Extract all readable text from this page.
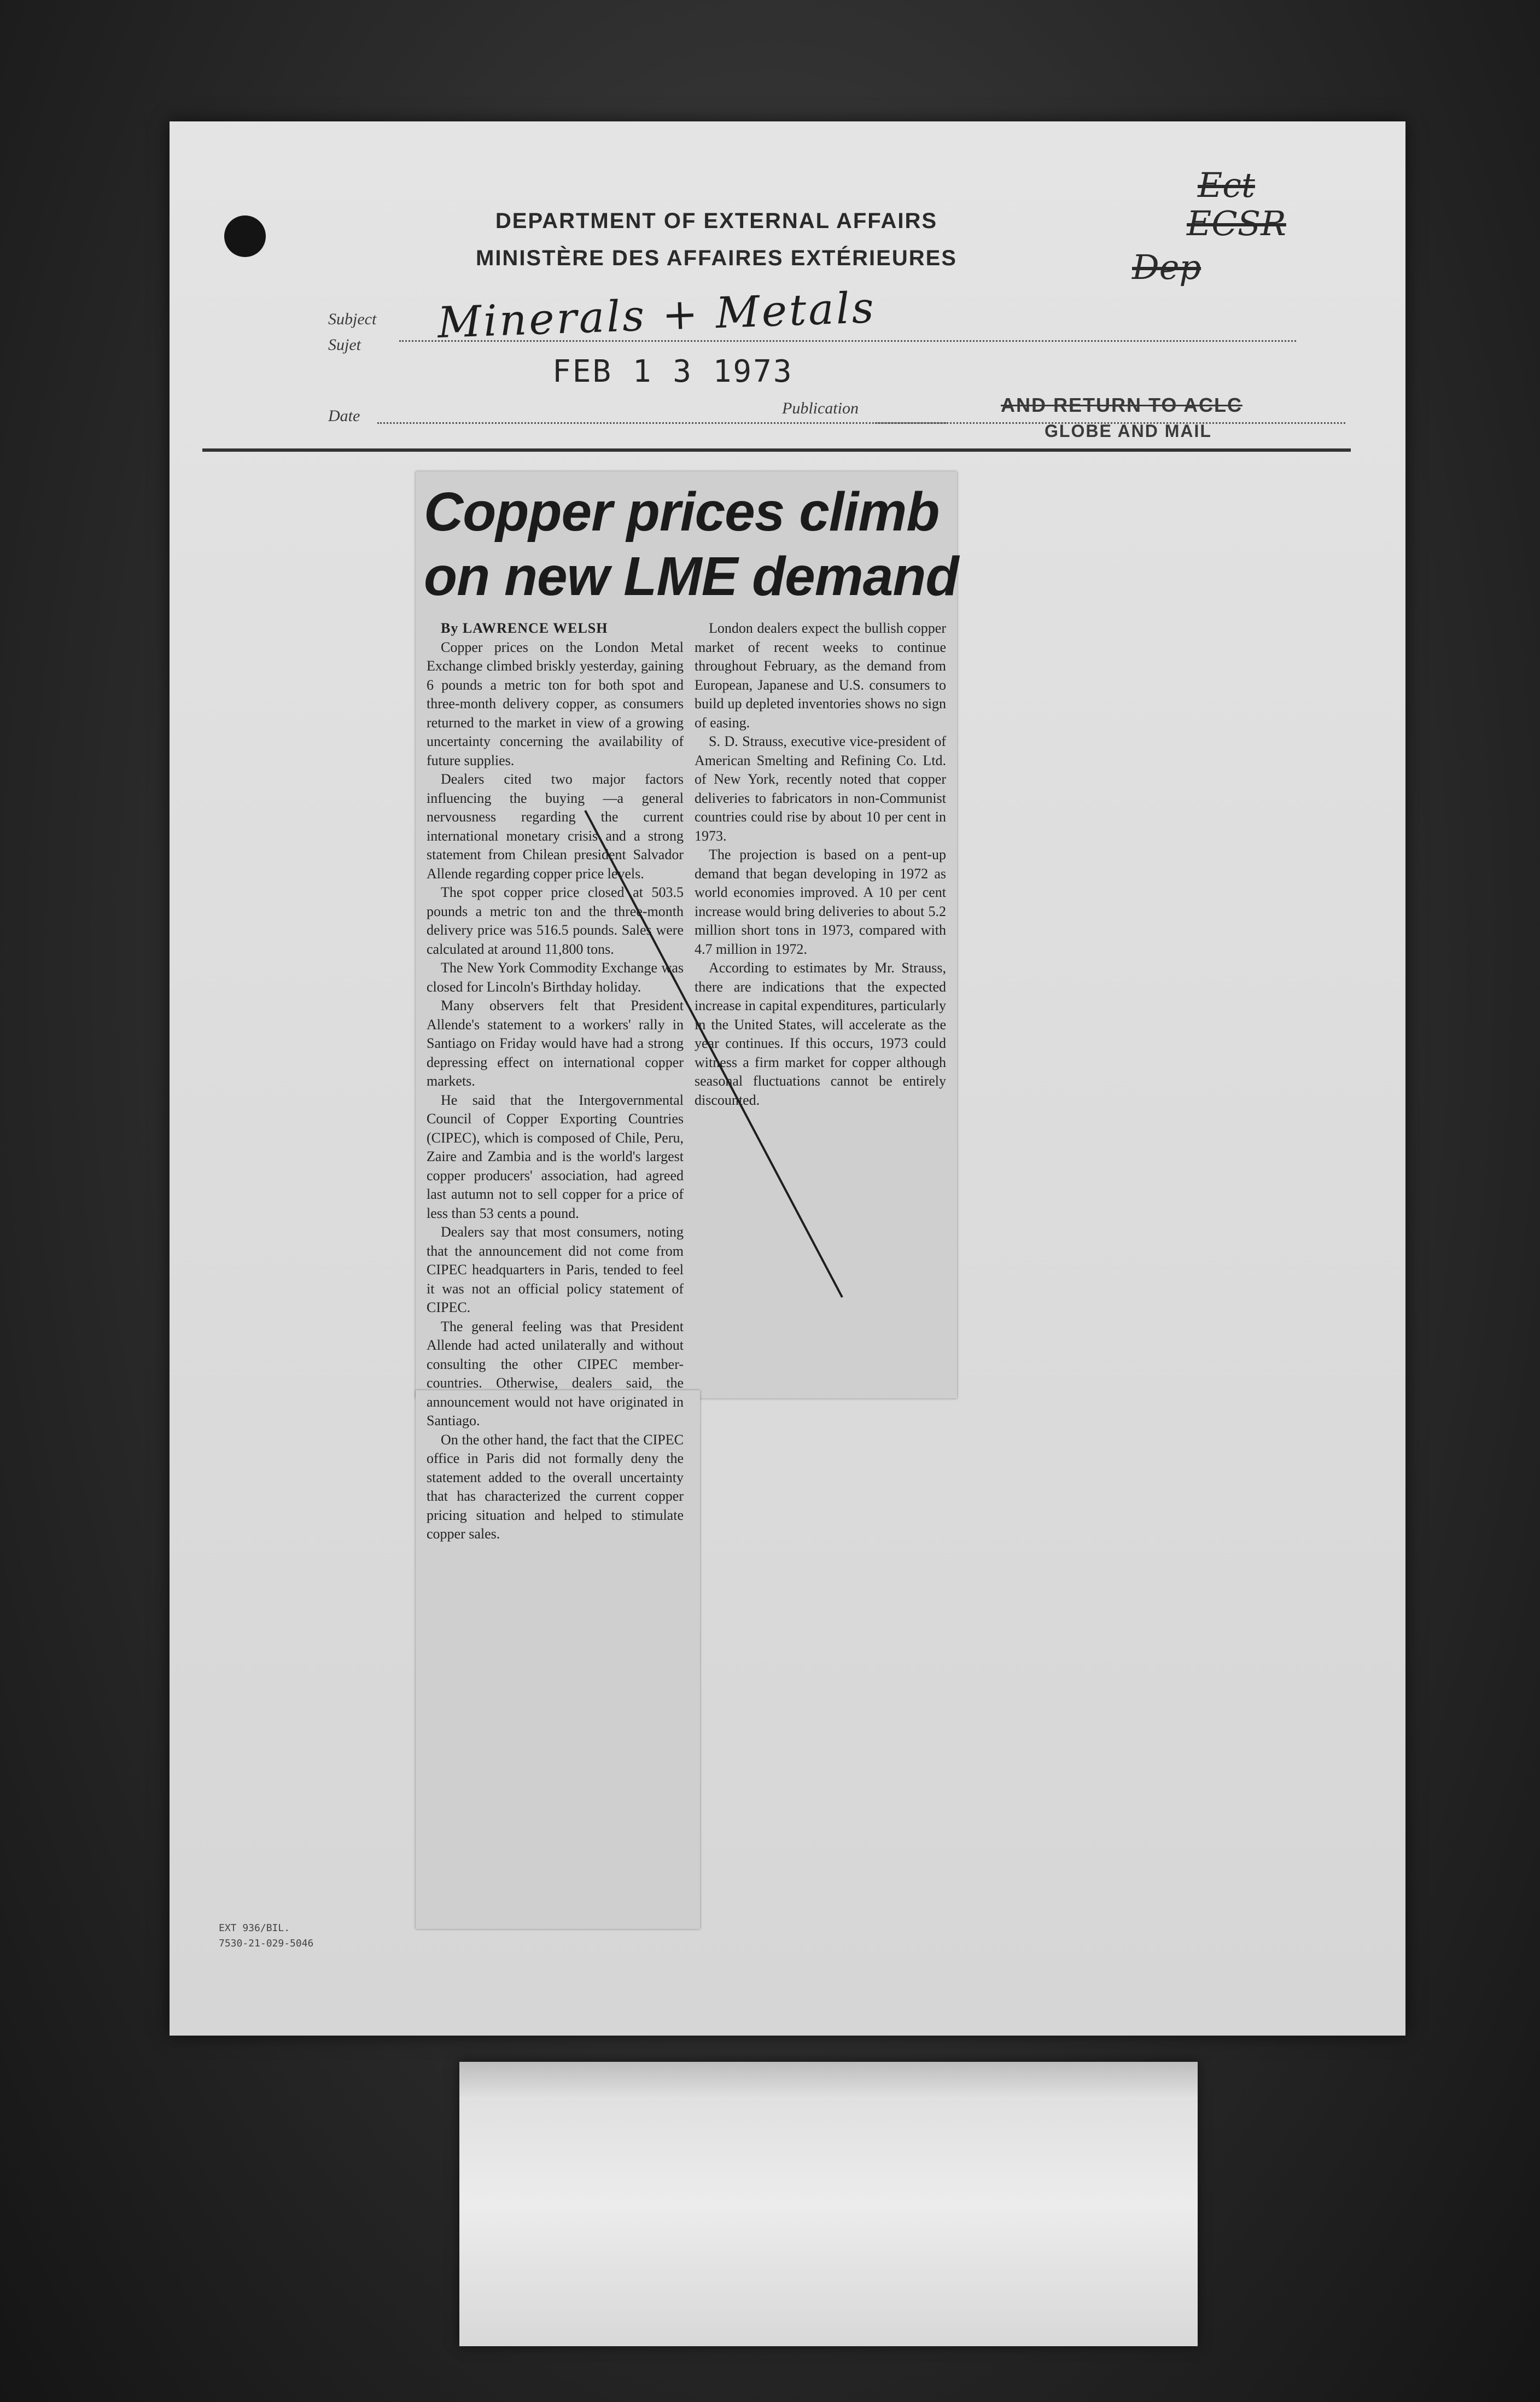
DEPARTMENT OF EXTERNAL AFFAIRS
MINISTÈRE DES AFFAIRES EXTÉRIEURES
Ect
ECSR
Dep
Subject
Sujet Minerals + Metals
FEB 1 3 1973
Date	Publication	AND RETURN TO ACLC
GLOBE AND MAIL
Copper prices climb
on new LME demand

By LAWRENCE WELSH

Copper prices on the London Metal Exchange climbed briskly yesterday, gaining 6 pounds a metric ton for both spot and three-month delivery copper, as consumers returned to the market in view of a growing uncertainty concerning the availability of future supplies.

Dealers cited two major factors influencing the buying —a general nervousness regarding the current international monetary crisis and a strong statement from Chilean president Salvador Allende regarding copper price levels.

The spot copper price closed at 503.5 pounds a metric ton and the three-month delivery price was 516.5 pounds. Sales were calculated at around 11,800 tons.

The New York Commodity Exchange was closed for Lincoln's Birthday holiday.

Many observers felt that President Allende's statement to a workers' rally in Santiago on Friday would have had a strong depressing effect on international copper markets.

He said that the Intergovernmental Council of Copper Exporting Countries (CIPEC), which is composed of Chile, Peru, Zaire and Zambia and is the world's largest copper producers' association, had agreed last autumn not to sell copper for a price of less than 53 cents a pound.

Dealers say that most consumers, noting that the announcement did not come from CIPEC headquarters in Paris, tended to feel it was not an official policy statement of CIPEC.

The general feeling was that President Allende had acted unilaterally and without consulting the other CIPEC member-countries. Otherwise, dealers said, the announcement would not have originated in Santiago.

On the other hand, the fact that the CIPEC office in Paris did not formally deny the statement added to the overall uncertainty that has characterized the current copper pricing situation and helped to stimulate copper sales.

London dealers expect the bullish copper market of recent weeks to continue throughout February, as the demand from European, Japanese and U.S. consumers to build up depleted inventories shows no sign of easing.

S. D. Strauss, executive vice-president of American Smelting and Refining Co. Ltd. of New York, recently noted that copper deliveries to fabricators in non-Communist countries could rise by about 10 per cent in 1973.

The projection is based on a pent-up demand that began developing in 1972 as world economies improved. A 10 per cent increase would bring deliveries to about 5.2 million short tons in 1973, compared with 4.7 million in 1972.

According to estimates by Mr. Strauss, there are indications that the expected increase in capital expenditures, particularly in the United States, will accelerate as the year continues. If this occurs, 1973 could witness a firm market for copper although seasonal fluctuations cannot be entirely discounted.

EXT 936/BIL.
7530-21-029-5046
